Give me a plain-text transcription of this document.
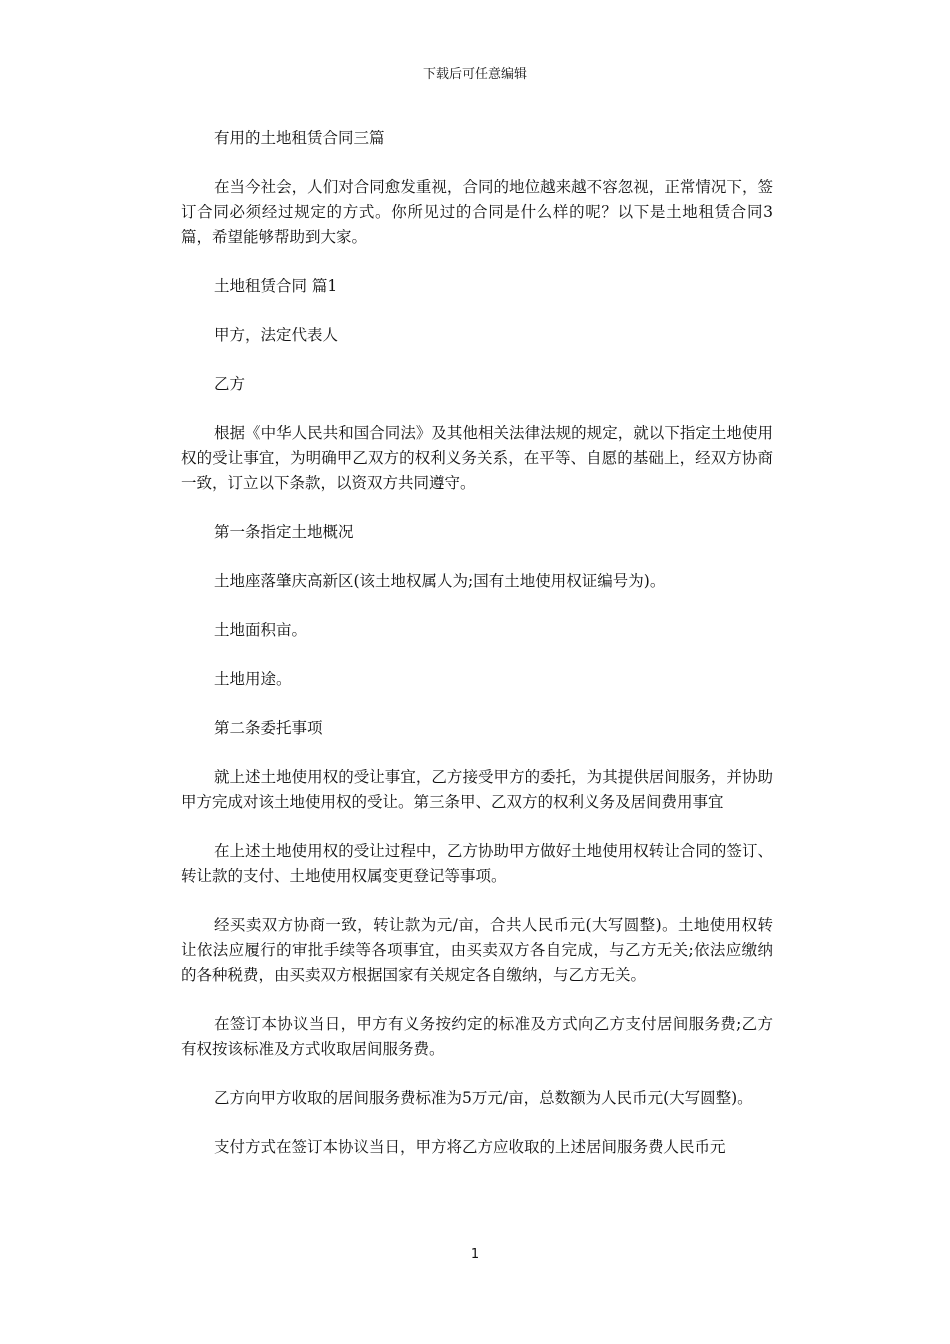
下载后可任意编辑

有用的土地租赁合同三篇

在当今社会，人们对合同愈发重视，合同的地位越来越不容忽视，正常情况下，签订合同必须经过规定的方式。你所见过的合同是什么样的呢？以下是土地租赁合同3篇，希望能够帮助到大家。

土地租赁合同 篇1

甲方，法定代表人

乙方

根据《中华人民共和国合同法》及其他相关法律法规的规定，就以下指定土地使用权的受让事宜，为明确甲乙双方的权利义务关系，在平等、自愿的基础上，经双方协商一致，订立以下条款，以资双方共同遵守。

第一条指定土地概况

土地座落肇庆高新区(该土地权属人为;国有土地使用权证编号为)。

土地面积亩。

土地用途。

第二条委托事项

就上述土地使用权的受让事宜，乙方接受甲方的委托，为其提供居间服务，并协助甲方完成对该土地使用权的受让。第三条甲、乙双方的权利义务及居间费用事宜

在上述土地使用权的受让过程中，乙方协助甲方做好土地使用权转让合同的签订、转让款的支付、土地使用权属变更登记等事项。

经买卖双方协商一致，转让款为元/亩，合共人民币元(大写圆整)。土地使用权转让依法应履行的审批手续等各项事宜，由买卖双方各自完成，与乙方无关;依法应缴纳的各种税费，由买卖双方根据国家有关规定各自缴纳，与乙方无关。

在签订本协议当日，甲方有义务按约定的标准及方式向乙方支付居间服务费;乙方有权按该标准及方式收取居间服务费。

乙方向甲方收取的居间服务费标准为5万元/亩，总数额为人民币元(大写圆整)。

支付方式在签订本协议当日，甲方将乙方应收取的上述居间服务费人民币元

1
